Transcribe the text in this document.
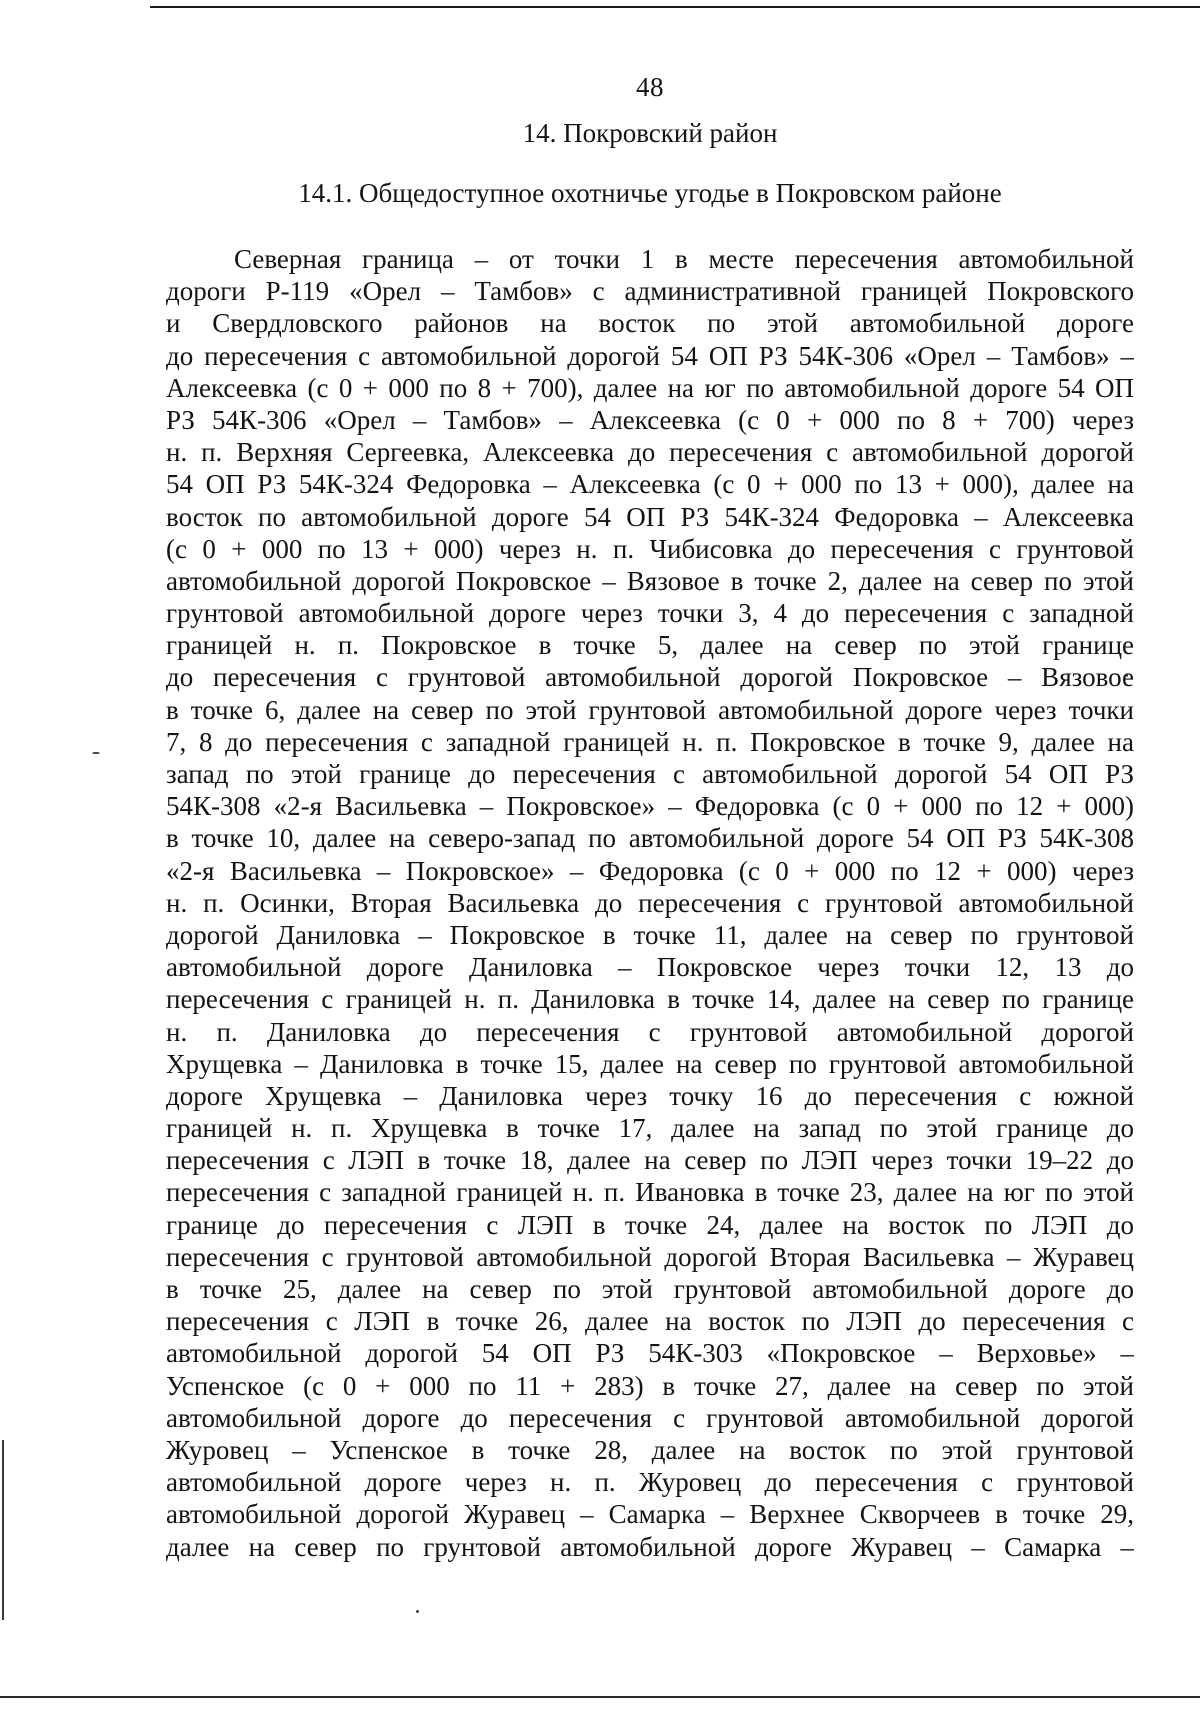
48
14. Покровский район
14.1. Общедоступное охотничье угодье в Покровском районе
Северная граница – от точки 1 в месте пересечения автомобильной
дороги Р-119 «Орел – Тамбов» с административной границей Покровского
и Свердловского районов на восток по этой автомобильной дороге
до пересечения с автомобильной дорогой 54 ОП РЗ 54К-306 «Орел – Тамбов» –
Алексеевка (с 0 + 000 по 8 + 700), далее на юг по автомобильной дороге 54 ОП
РЗ 54К-306 «Орел – Тамбов» – Алексеевка (с 0 + 000 по 8 + 700) через
н. п. Верхняя Сергеевка, Алексеевка до пересечения с автомобильной дорогой
54 ОП РЗ 54К-324 Федоровка – Алексеевка (с 0 + 000 по 13 + 000), далее на
восток по автомобильной дороге 54 ОП РЗ 54К-324 Федоровка – Алексеевка
(с 0 + 000 по 13 + 000) через н. п. Чибисовка до пересечения с грунтовой
автомобильной дорогой Покровское – Вязовое в точке 2, далее на север по этой
грунтовой автомобильной дороге через точки 3, 4 до пересечения с западной
границей н. п. Покровское в точке 5, далее на север по этой границе
до пересечения с грунтовой автомобильной дорогой Покровское – Вязовое
в точке 6, далее на север по этой грунтовой автомобильной дороге через точки
7, 8 до пересечения с западной границей н. п. Покровское в точке 9, далее на
запад по этой границе до пересечения с автомобильной дорогой 54 ОП РЗ
54К-308 «2-я Васильевка – Покровское» – Федоровка (с 0 + 000 по 12 + 000)
в точке 10, далее на северо-запад по автомобильной дороге 54 ОП РЗ 54К-308
«2-я Васильевка – Покровское» – Федоровка (с 0 + 000 по 12 + 000) через
н. п. Осинки, Вторая Васильевка до пересечения с грунтовой автомобильной
дорогой Даниловка – Покровское в точке 11, далее на север по грунтовой
автомобильной дороге Даниловка – Покровское через точки 12, 13 до
пересечения с границей н. п. Даниловка в точке 14, далее на север по границе
н. п. Даниловка до пересечения с грунтовой автомобильной дорогой
Хрущевка – Даниловка в точке 15, далее на север по грунтовой автомобильной
дороге Хрущевка – Даниловка через точку 16 до пересечения с южной
границей н. п. Хрущевка в точке 17, далее на запад по этой границе до
пересечения с ЛЭП в точке 18, далее на север по ЛЭП через точки 19–22 до
пересечения с западной границей н. п. Ивановка в точке 23, далее на юг по этой
границе до пересечения с ЛЭП в точке 24, далее на восток по ЛЭП до
пересечения с грунтовой автомобильной дорогой Вторая Васильевка – Журавец
в точке 25, далее на север по этой грунтовой автомобильной дороге до
пересечения с ЛЭП в точке 26, далее на восток по ЛЭП до пересечения с
автомобильной дорогой 54 ОП РЗ 54К-303 «Покровское – Верховье» –
Успенское (с 0 + 000 по 11 + 283) в точке 27, далее на север по этой
автомобильной дороге до пересечения с грунтовой автомобильной дорогой
Журовец – Успенское в точке 28, далее на восток по этой грунтовой
автомобильной дороге через н. п. Журовец до пересечения с грунтовой
автомобильной дорогой Журавец – Самарка – Верхнее Скворчеев в точке 29,
далее на север по грунтовой автомобильной дороге Журавец – Самарка –
